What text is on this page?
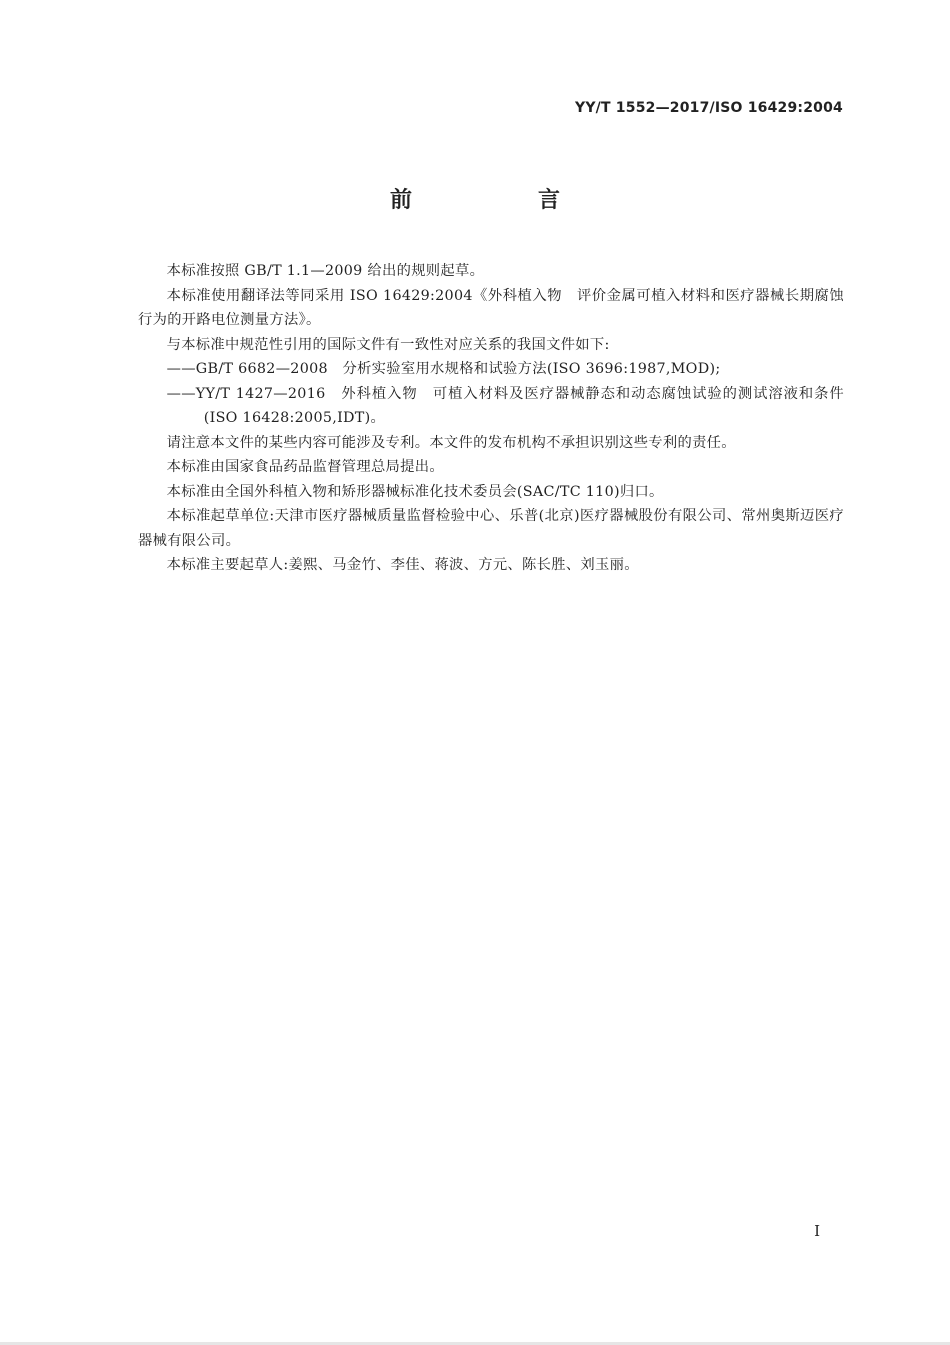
YY/T 1552—2017/ISO 16429:2004
前　言

本标准按照 GB/T 1.1—2009 给出的规则起草。

本标准使用翻译法等同采用 ISO 16429:2004《外科植入物　评价金属可植入材料和医疗器械长期腐蚀行为的开路电位测量方法》。

与本标准中规范性引用的国际文件有一致性对应关系的我国文件如下:

——GB/T 6682—2008　分析实验室用水规格和试验方法(ISO 3696:1987,MOD);

——YY/T 1427—2016　外科植入物　可植入材料及医疗器械静态和动态腐蚀试验的测试溶液和条件(ISO 16428:2005,IDT)。

请注意本文件的某些内容可能涉及专利。本文件的发布机构不承担识别这些专利的责任。

本标准由国家食品药品监督管理总局提出。

本标准由全国外科植入物和矫形器械标准化技术委员会(SAC/TC 110)归口。

本标准起草单位:天津市医疗器械质量监督检验中心、乐普(北京)医疗器械股份有限公司、常州奥斯迈医疗器械有限公司。

本标准主要起草人:姜熙、马金竹、李佳、蒋波、方元、陈长胜、刘玉丽。

I
